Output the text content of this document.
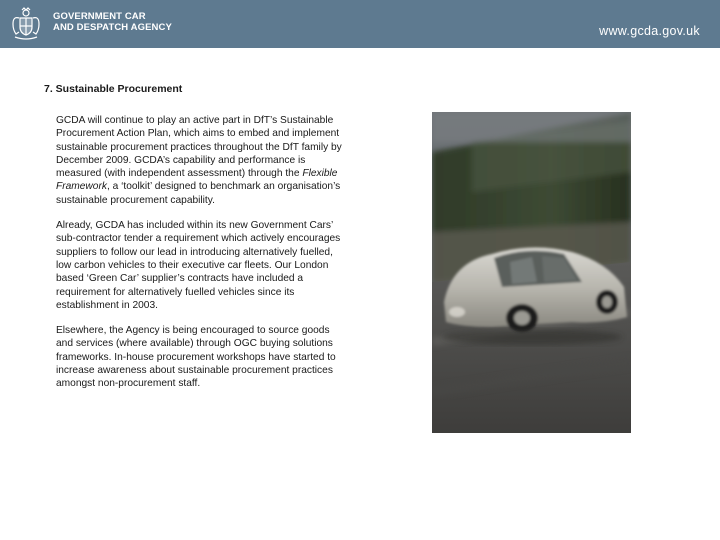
GOVERNMENT CAR
AND DESPATCH AGENCY	www.gcda.gov.uk
7. Sustainable Procurement

GCDA will continue to play an active part in DfT’s Sustainable Procurement Action Plan, which aims to embed and implement sustainable procurement practices throughout the DfT family by December 2009. GCDA’s capability and performance is measured (with independent assessment) through the Flexible Framework, a ‘toolkit’ designed to benchmark an organisation’s sustainable procurement capability.

Already, GCDA has included within its new Government Cars’ sub-contractor tender a requirement which actively encourages suppliers to follow our lead in introducing alternatively fuelled, low carbon vehicles to their executive car fleets. Our London based ‘Green Car’ supplier’s contracts have included a requirement for alternatively fuelled vehicles since its establishment in 2003.

Elsewhere, the Agency is being encouraged to source goods and services (where available) through OGC buying solutions frameworks. In-house procurement workshops have started to increase awareness about sustainable procurement practices amongst non-procurement staff.
